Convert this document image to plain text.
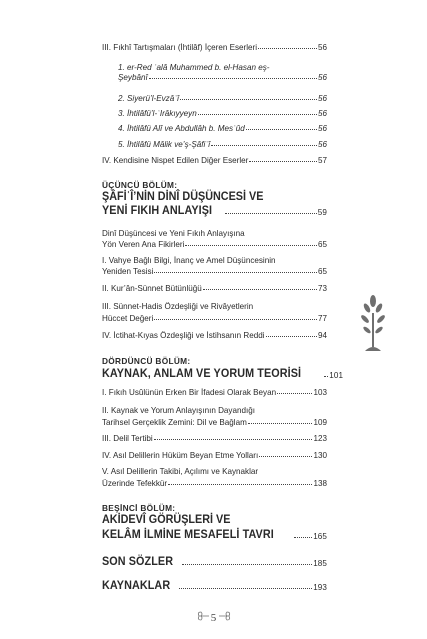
III. Fıkhî Tartışmaları (İhtilâf) İçeren Eserleri	56
1. er-Red ʿalâ Muhammed b. el-Hasan eş-
Şeybânî	56
2. Siyerü’l-Evzâʿî	56
3. İhtilâfü’l-ʿIrâkıyyeyn	56
4. İhtilâfü Alî ve Abdullâh b. Mesʿûd	56
5. İhtilâfü Mâlik ve’ş-Şâfiʿî	56
IV. Kendisine Nispet Edilen Diğer Eserler	57
ÜÇÜNCÜ BÖLÜM:
ŞÂFİʿÎ’NİN DİNÎ DÜŞÜNCESİ VE
YENİ FIKIH ANLAYIŞI	59
Dinî Düşüncesi ve Yeni Fıkıh Anlayışına
Yön Veren Ana Fikirleri	65
I. Vahye Bağlı Bilgi, İnanç ve Amel Düşüncesinin
Yeniden Tesisi	65
II. Kur’ân-Sünnet Bütünlüğü	73
III. Sünnet-Hadis Özdeşliği ve Rivâyetlerin
Hüccet Değeri	77
IV. İctihat-Kıyas Özdeşliği ve İstihsanın Reddi	94
DÖRDÜNCÜ BÖLÜM:
KAYNAK, ANLAM VE YORUM TEORİSİ	101
I. Fıkıh Usûlünün Erken Bir İfadesi Olarak Beyan	103
II. Kaynak ve Yorum Anlayışının Dayandığı
Tarihsel Gerçeklik Zemini: Dil ve Bağlam	109
III. Delil Tertibi	123
IV. Asıl Delillerin Hüküm Beyan Etme Yolları	130
V. Asıl Delillerin Takibi, Açılımı ve Kaynaklar
Üzerinde Tefekkür	138
BEŞİNCİ BÖLÜM:
AKİDEVÎ GÖRÜŞLERİ VE
KELÂM İLMİNE MESAFELİ TAVRI	165
SON SÖZLER	185
KAYNAKLAR	193
5
